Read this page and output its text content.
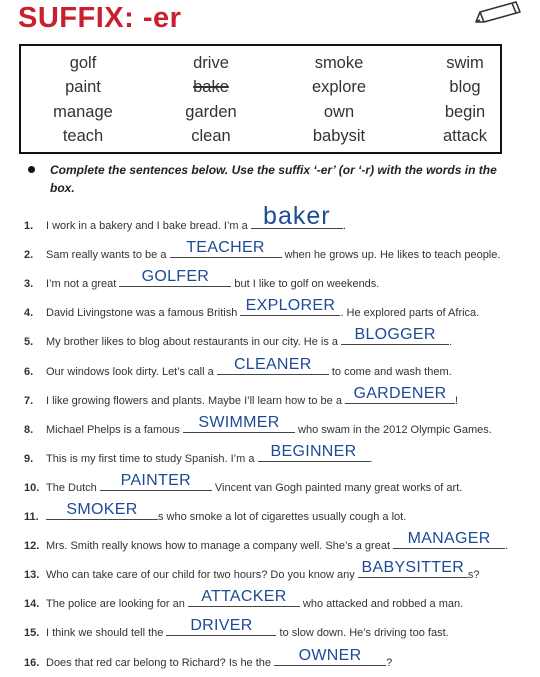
SUFFIX: -er
golf	drive	smoke	swim
paint	bake	explore	blog
manage	garden	own	begin
teach	clean	babysit	attack
Complete the sentences below. Use the suffix ‘-er’ (or ‘-r) with the words in the box.
1. I work in a bakery and I bake bread. I’m a baker	.
2. Sam really wants to be a	TEACHER	when he grows up. He likes to teach people.
3. I’m not a great	GOLFER	but I like to golf on weekends.
4. David Livingstone was a famous British EXPLORER . He explored parts of Africa.
5. My brother likes to blog about restaurants in our city. He is a BLOGGER	.
6. Our windows look dirty. Let’s call a	CLEANER	to come and wash them.
7. I like growing flowers and plants. Maybe I’ll learn how to be a GARDENER !
8. Michael Phelps is a famous SWIMMER	who swam in the 2012 Olympic Games.
9. This is my first time to study Spanish. I’m a BEGINNER	.
10. The Dutch	PAINTER	Vincent van Gogh painted many great works of art.
11.	SMOKER	s who smoke a lot of cigarettes usually cough a lot.
12. Mrs. Smith really knows how to manage a company well. She’s a great MANAGER	.
13. Who can take care of our child for two hours? Do you know any BABYSITTER s?
14. The police are looking for an ATTACKER	who attacked and robbed a man.
15. I think we should tell the	DRIVER	to slow down. He’s driving too fast.
16. Does that red car belong to Richard? Is he the	OWNER	?
